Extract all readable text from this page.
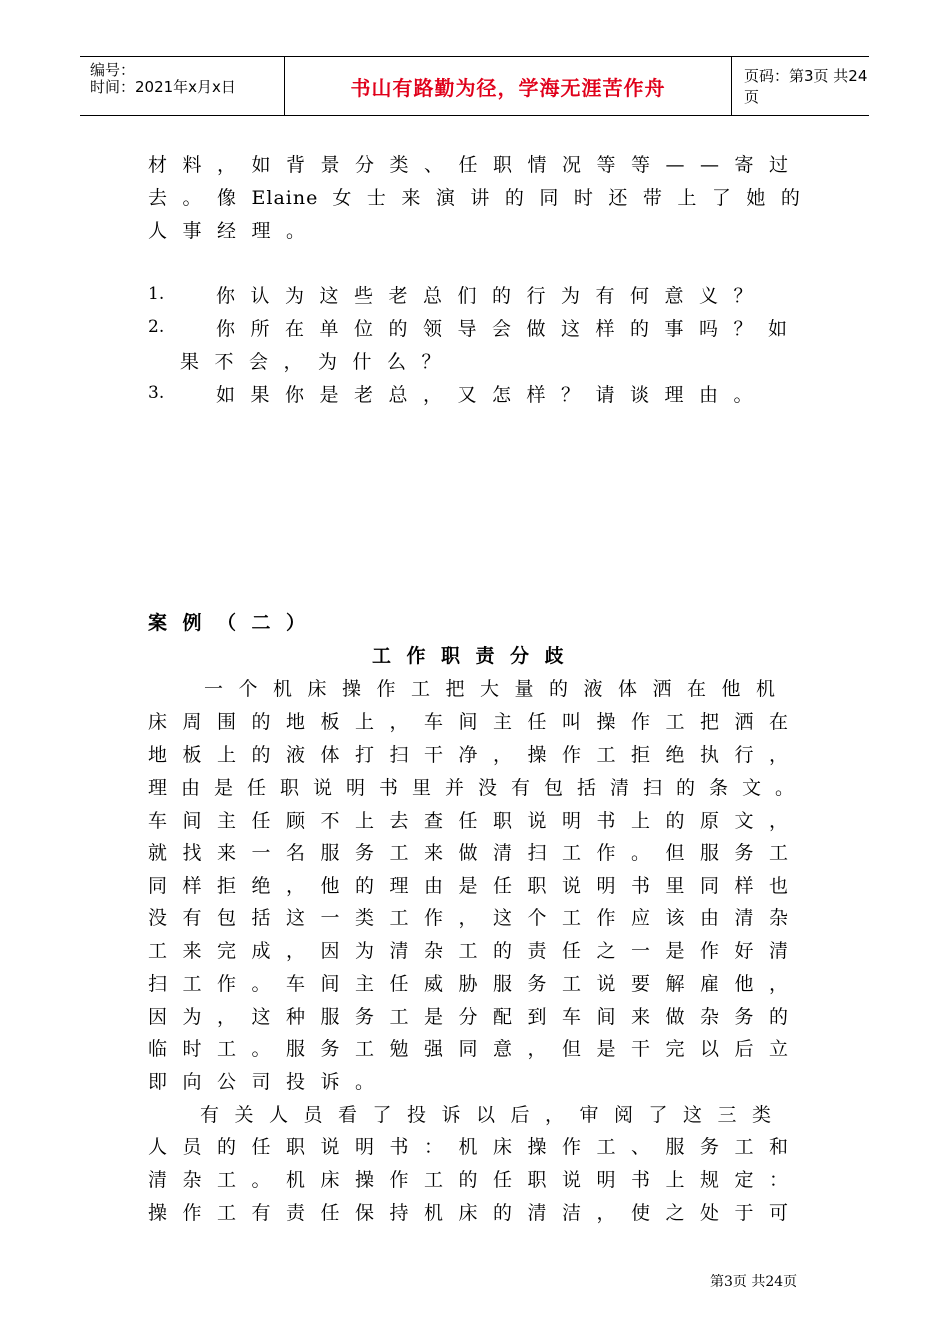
编号：
时间：2021年x月x日	书山有路勤为径，学海无涯苦作舟	页码：第3页 共24页
材料，如背景分类、任职情况等等——寄过
去。像Elaine 女士来演讲的同时还带上了她的
人事经理。
1.	你认为这些老总们的行为有何意义？
2.	你所在单位的领导会做这样的事吗？如
果不会，为什么？
3.	如果你是老总，又怎样？请谈理由。
案例（二）
工作职责分歧
一个机床操作工把大量的液体洒在他机
床周围的地板上，车间主任叫操作工把洒在
地板上的液体打扫干净，操作工拒绝执行，
理由是任职说明书里并没有包括清扫的条文。
车间主任顾不上去查任职说明书上的原文，
就找来一名服务工来做清扫工作。但服务工
同样拒绝，他的理由是任职说明书里同样也
没有包括这一类工作，这个工作应该由清杂
工来完成，因为清杂工的责任之一是作好清
扫工作。车间主任威胁服务工说要解雇他，
因为，这种服务工是分配到车间来做杂务的
临时工。服务工勉强同意，但是干完以后立
即向公司投诉。
有关人员看了投诉以后，审阅了这三类
人员的任职说明书：机床操作工、服务工和
清杂工。机床操作工的任职说明书上规定：
操作工有责任保持机床的清洁，使之处于可
第3页 共24页
